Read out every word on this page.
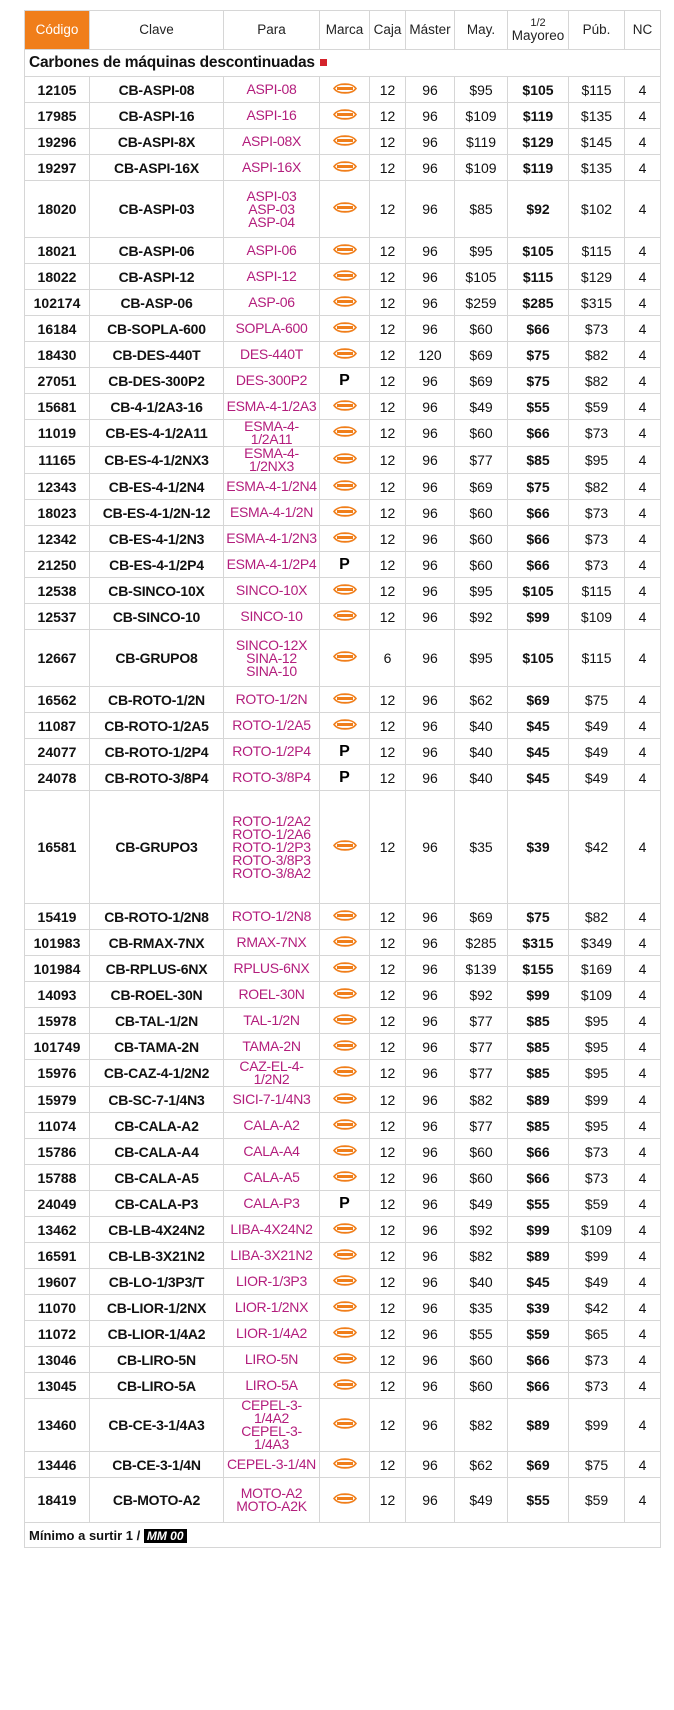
Código	Clave	Para	Marca	Caja	Máster	May.	1/2
Mayoreo	Púb.	NC
Carbones de máquinas descontinuadas									
12105	CB-ASPI-08	ASPI-08		12	96	$95	$105	$115	4
17985	CB-ASPI-16	ASPI-16		12	96	$109	$119	$135	4
19296	CB-ASPI-8X	ASPI-08X		12	96	$119	$129	$145	4
19297	CB-ASPI-16X	ASPI-16X		12	96	$109	$119	$135	4
18020	CB-ASPI-03	ASPI-03
ASP-03
ASP-04		12	96	$85	$92	$102	4
18021	CB-ASPI-06	ASPI-06		12	96	$95	$105	$115	4
18022	CB-ASPI-12	ASPI-12		12	96	$105	$115	$129	4
102174	CB-ASP-06	ASP-06		12	96	$259	$285	$315	4
16184	CB-SOPLA-600	SOPLA-600		12	96	$60	$66	$73	4
18430	CB-DES-440T	DES-440T		12	120	$69	$75	$82	4
27051	CB-DES-300P2	DES-300P2	P	12	96	$69	$75	$82	4
15681	CB-4-1/2A3-16	ESMA-4-1/2A3		12	96	$49	$55	$59	4
11019	CB-ES-4-1/2A11	ESMA-4-1/2A11		12	96	$60	$66	$73	4
11165	CB-ES-4-1/2NX3	ESMA-4-1/2NX3		12	96	$77	$85	$95	4
12343	CB-ES-4-1/2N4	ESMA-4-1/2N4		12	96	$69	$75	$82	4
18023	CB-ES-4-1/2N-12	ESMA-4-1/2N		12	96	$60	$66	$73	4
12342	CB-ES-4-1/2N3	ESMA-4-1/2N3		12	96	$60	$66	$73	4
21250	CB-ES-4-1/2P4	ESMA-4-1/2P4	P	12	96	$60	$66	$73	4
12538	CB-SINCO-10X	SINCO-10X		12	96	$95	$105	$115	4
12537	CB-SINCO-10	SINCO-10		12	96	$92	$99	$109	4
12667	CB-GRUPO8	SINCO-12X
SINA-12
SINA-10		6	96	$95	$105	$115	4
16562	CB-ROTO-1/2N	ROTO-1/2N		12	96	$62	$69	$75	4
11087	CB-ROTO-1/2A5	ROTO-1/2A5		12	96	$40	$45	$49	4
24077	CB-ROTO-1/2P4	ROTO-1/2P4	P	12	96	$40	$45	$49	4
24078	CB-ROTO-3/8P4	ROTO-3/8P4	P	12	96	$40	$45	$49	4
16581	CB-GRUPO3	ROTO-1/2A2
ROTO-1/2A6
ROTO-1/2P3
ROTO-3/8P3
ROTO-3/8A2		12	96	$35	$39	$42	4
15419	CB-ROTO-1/2N8	ROTO-1/2N8		12	96	$69	$75	$82	4
101983	CB-RMAX-7NX	RMAX-7NX		12	96	$285	$315	$349	4
101984	CB-RPLUS-6NX	RPLUS-6NX		12	96	$139	$155	$169	4
14093	CB-ROEL-30N	ROEL-30N		12	96	$92	$99	$109	4
15978	CB-TAL-1/2N	TAL-1/2N		12	96	$77	$85	$95	4
101749	CB-TAMA-2N	TAMA-2N		12	96	$77	$85	$95	4
15976	CB-CAZ-4-1/2N2	CAZ-EL-4-1/2N2		12	96	$77	$85	$95	4
15979	CB-SC-7-1/4N3	SICI-7-1/4N3		12	96	$82	$89	$99	4
11074	CB-CALA-A2	CALA-A2		12	96	$77	$85	$95	4
15786	CB-CALA-A4	CALA-A4		12	96	$60	$66	$73	4
15788	CB-CALA-A5	CALA-A5		12	96	$60	$66	$73	4
24049	CB-CALA-P3	CALA-P3	P	12	96	$49	$55	$59	4
13462	CB-LB-4X24N2	LIBA-4X24N2		12	96	$92	$99	$109	4
16591	CB-LB-3X21N2	LIBA-3X21N2		12	96	$82	$89	$99	4
19607	CB-LO-1/3P3/T	LIOR-1/3P3		12	96	$40	$45	$49	4
11070	CB-LIOR-1/2NX	LIOR-1/2NX		12	96	$35	$39	$42	4
11072	CB-LIOR-1/4A2	LIOR-1/4A2		12	96	$55	$59	$65	4
13046	CB-LIRO-5N	LIRO-5N		12	96	$60	$66	$73	4
13045	CB-LIRO-5A	LIRO-5A		12	96	$60	$66	$73	4
13460	CB-CE-3-1/4A3	CEPEL-3-1/4A2
CEPEL-3-1/4A3		12	96	$82	$89	$99	4
13446	CB-CE-3-1/4N	CEPEL-3-1/4N		12	96	$62	$69	$75	4
18419	CB-MOTO-A2	MOTO-A2
MOTO-A2K		12	96	$49	$55	$59	4
Mínimo a surtir 1 / MM 00									
